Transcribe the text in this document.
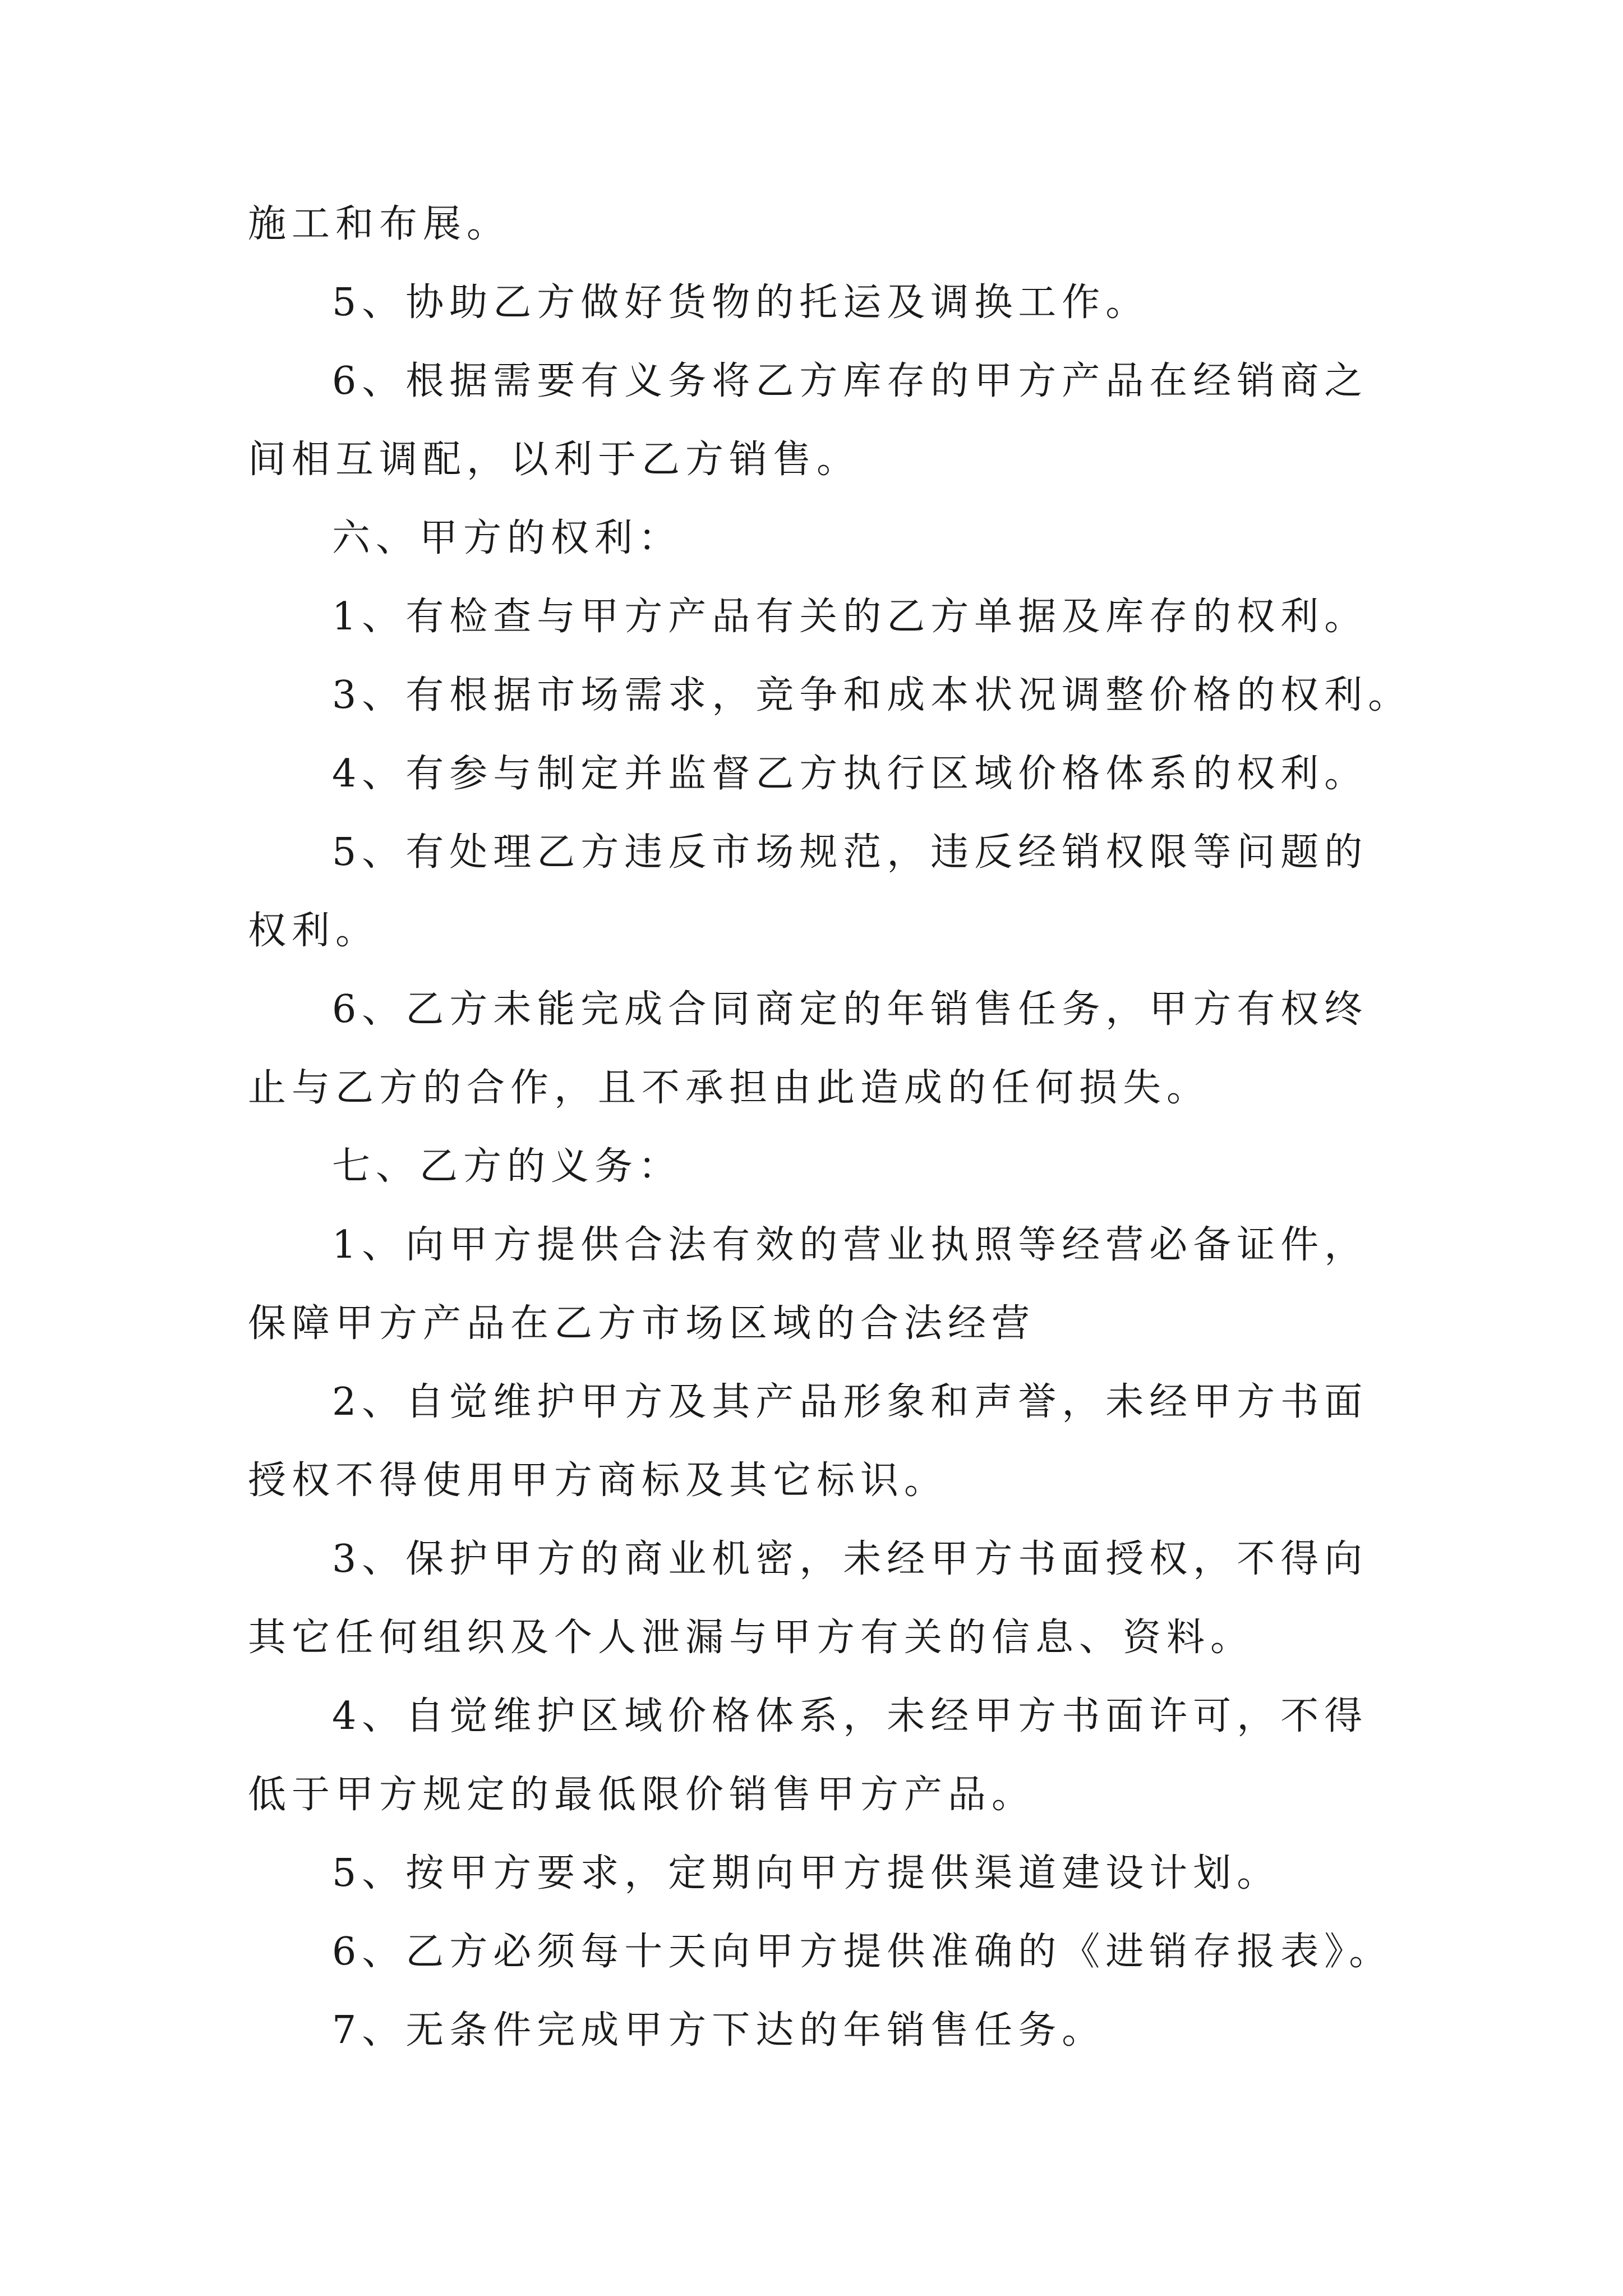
施工和布展。

5、协助乙方做好货物的托运及调换工作。

6、根据需要有义务将乙方库存的甲方产品在经销商之

间相互调配，以利于乙方销售。

六、甲方的权利：

1、有检查与甲方产品有关的乙方单据及库存的权利。

3、有根据市场需求，竞争和成本状况调整价格的权利。

4、有参与制定并监督乙方执行区域价格体系的权利。

5、有处理乙方违反市场规范，违反经销权限等问题的

权利。

6、乙方未能完成合同商定的年销售任务，甲方有权终

止与乙方的合作，且不承担由此造成的任何损失。

七、乙方的义务：

1、向甲方提供合法有效的营业执照等经营必备证件，

保障甲方产品在乙方市场区域的合法经营

2、自觉维护甲方及其产品形象和声誉，未经甲方书面

授权不得使用甲方商标及其它标识。

3、保护甲方的商业机密，未经甲方书面授权，不得向

其它任何组织及个人泄漏与甲方有关的信息、资料。

4、自觉维护区域价格体系，未经甲方书面许可，不得

低于甲方规定的最低限价销售甲方产品。

5、按甲方要求，定期向甲方提供渠道建设计划。

6、乙方必须每十天向甲方提供准确的《进销存报表》。

7、无条件完成甲方下达的年销售任务。
